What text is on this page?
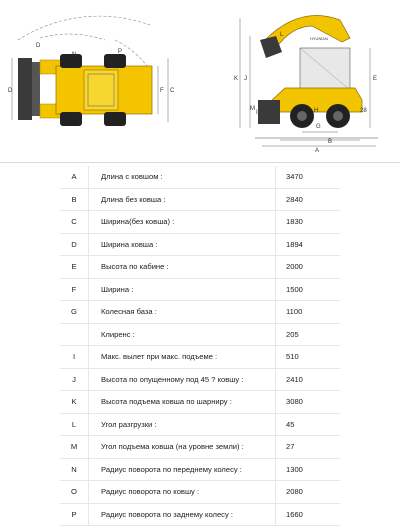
D
D
N	P
F C
HYUNDAI
A
B
E
G
H
I
J
K
L
M	28
A	Длина с ковшом :	3470
B	Длина без ковша :	2840
C	Ширина(без ковша) :	1830
D	Ширина ковша :	1894
E	Высота по кабине :	2000
F	Ширина :	1500
G	Колесная база :	1100
	Клиренс :	205
I	Макс. вылет при макс. подъеме :	510
J	Высота по опущенному под 45 ? ковшу :	2410
K	Высота подъема ковша по шарниру :	3080
L	Угол разгрузки :	45
M	Угол подъема ковша (на уровне земли) :	27
N	Радиус поворота по переднему колесу :	1300
O	Радиус поворота по ковшу :	2080
P	Радиус поворота по заднему колесу :	1660
